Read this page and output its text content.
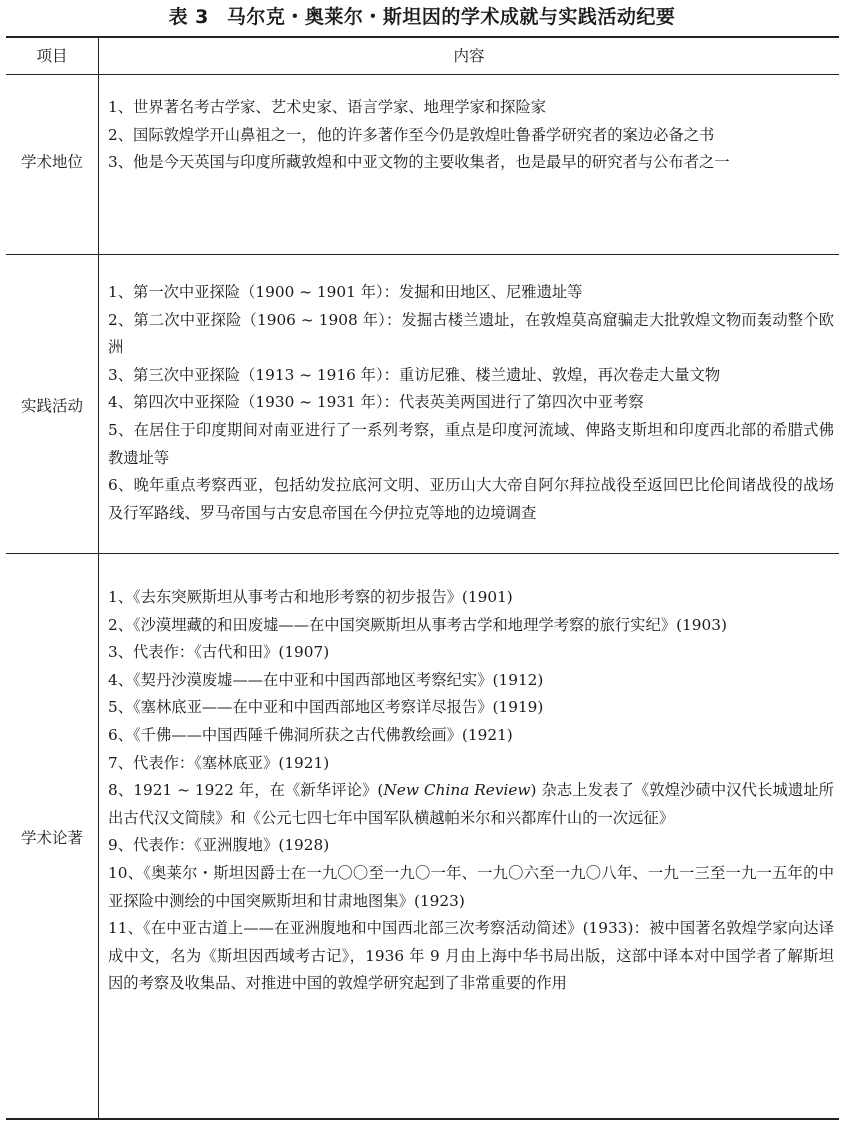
表 3 马尔克・奥莱尔・斯坦因的学术成就与实践活动纪要
项目	内容
学术地位

1、世界著名考古学家、艺术史家、语言学家、地理学家和探险家

2、国际敦煌学开山鼻祖之一，他的许多著作至今仍是敦煌吐鲁番学研究者的案边必备之书

3、他是今天英国与印度所藏敦煌和中亚文物的主要收集者，也是最早的研究者与公布者之一

实践活动

1、第一次中亚探险（1900 ~ 1901 年）：发掘和田地区、尼雅遗址等

2、第二次中亚探险（1906 ~ 1908 年）：发掘古楼兰遗址，在敦煌莫高窟骗走大批敦煌文物而轰动整个欧洲

3、第三次中亚探险（1913 ~ 1916 年）：重访尼雅、楼兰遗址、敦煌，再次卷走大量文物

4、第四次中亚探险（1930 ~ 1931 年）：代表英美两国进行了第四次中亚考察

5、在居住于印度期间对南亚进行了一系列考察，重点是印度河流域、俾路支斯坦和印度西北部的希腊式佛教遗址等

6、晚年重点考察西亚，包括幼发拉底河文明、亚历山大大帝自阿尔拜拉战役至返回巴比伦间诸战役的战场及行军路线、罗马帝国与古安息帝国在今伊拉克等地的边境调查

学术论著

1、《去东突厥斯坦从事考古和地形考察的初步报告》(1901)

2、《沙漠埋藏的和田废墟——在中国突厥斯坦从事考古学和地理学考察的旅行实纪》(1903)

3、代表作：《古代和田》(1907)

4、《契丹沙漠废墟——在中亚和中国西部地区考察纪实》(1912)

5、《塞林底亚——在中亚和中国西部地区考察详尽报告》(1919)

6、《千佛——中国西陲千佛洞所获之古代佛教绘画》(1921)

7、代表作：《塞林底亚》(1921)

8、1921 ~ 1922 年，在《新华评论》(New China Review) 杂志上发表了《敦煌沙碛中汉代长城遗址所出古代汉文简牍》和《公元七四七年中国军队横越帕米尔和兴都库什山的一次远征》

9、代表作：《亚洲腹地》(1928)

10、《奥莱尔・斯坦因爵士在一九〇〇至一九〇一年、一九〇六至一九〇八年、一九一三至一九一五年的中亚探险中测绘的中国突厥斯坦和甘肃地图集》(1923)

11、《在中亚古道上——在亚洲腹地和中国西北部三次考察活动简述》(1933)：被中国著名敦煌学家向达译成中文，名为《斯坦因西域考古记》，1936 年 9 月由上海中华书局出版，这部中译本对中国学者了解斯坦因的考察及收集品、对推进中国的敦煌学研究起到了非常重要的作用
